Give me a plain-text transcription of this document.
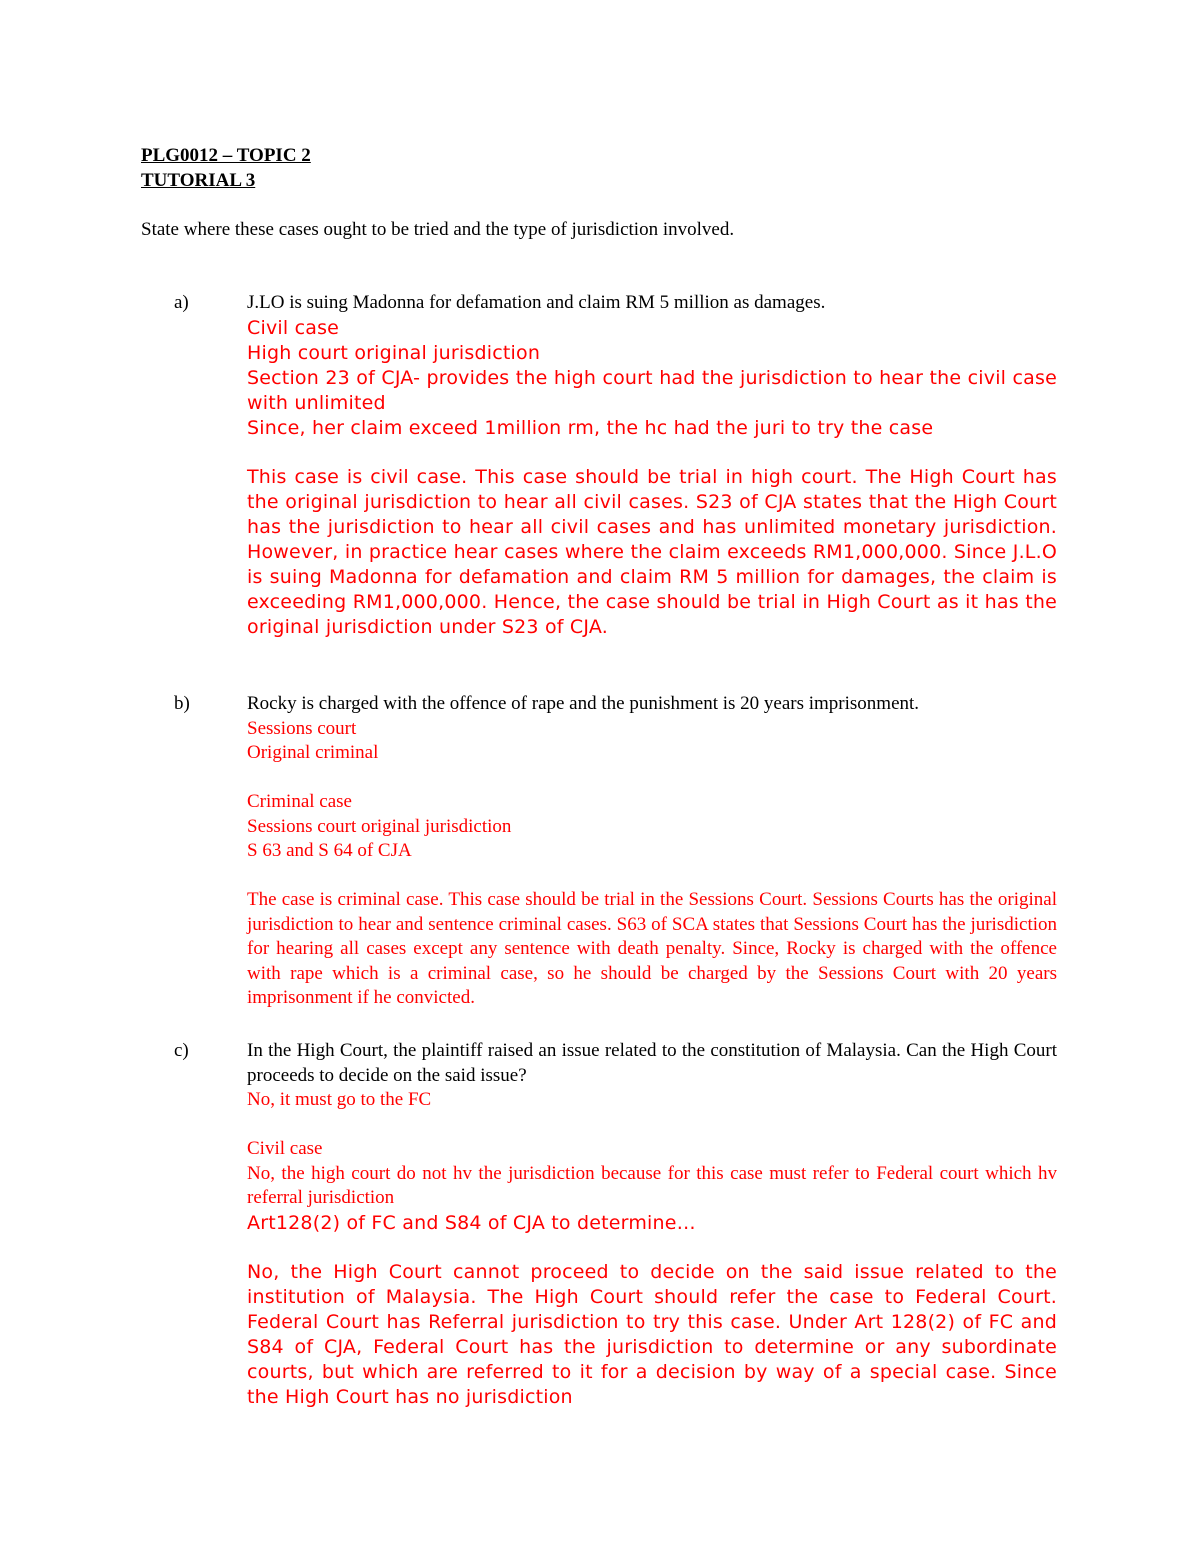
PLG0012 – TOPIC 2
TUTORIAL 3
State where these cases ought to be tried and the type of jurisdiction involved.
a)	J.LO is suing Madonna for defamation and claim RM 5 million as damages.

Civil case

High court original jurisdiction

Section 23 of CJA- provides the high court had the jurisdiction to hear the civil case with unlimited

Since, her claim exceed 1million rm, the hc had the juri to try the case

This case is civil case. This case should be trial in high court. The High Court has the original jurisdiction to hear all civil cases. S23 of CJA states that the High Court has the jurisdiction to hear all civil cases and has unlimited monetary jurisdiction. However, in practice hear cases where the claim exceeds RM1,000,000. Since J.L.O is suing Madonna for defamation and claim RM 5 million for damages, the claim is exceeding RM1,000,000. Hence, the case should be trial in High Court as it has the original jurisdiction under S23 of CJA.

b)	Rocky is charged with the offence of rape and the punishment is 20 years imprisonment.

Sessions court

Original criminal

Criminal case

Sessions court original jurisdiction

S 63 and S 64 of CJA

The case is criminal case. This case should be trial in the Sessions Court. Sessions Courts has the original jurisdiction to hear and sentence criminal cases. S63 of SCA states that Sessions Court has the jurisdiction for hearing all cases except any sentence with death penalty. Since, Rocky is charged with the offence with rape which is a criminal case, so he should be charged by the Sessions Court with 20 years imprisonment if he convicted.

c)	In the High Court, the plaintiff raised an issue related to the constitution of Malaysia. Can the High Court proceeds to decide on the said issue?

No, it must go to the FC

Civil case

No, the high court do not hv the jurisdiction because for this case must refer to Federal court which hv referral jurisdiction

Art128(2) of FC and S84 of CJA to determine…

No, the High Court cannot proceed to decide on the said issue related to the institution of Malaysia. The High Court should refer the case to Federal Court. Federal Court has Referral jurisdiction to try this case. Under Art 128(2) of FC and S84 of CJA, Federal Court has the jurisdiction to determine or any subordinate courts, but which are referred to it for a decision by way of a special case. Since the High Court has no jurisdiction
